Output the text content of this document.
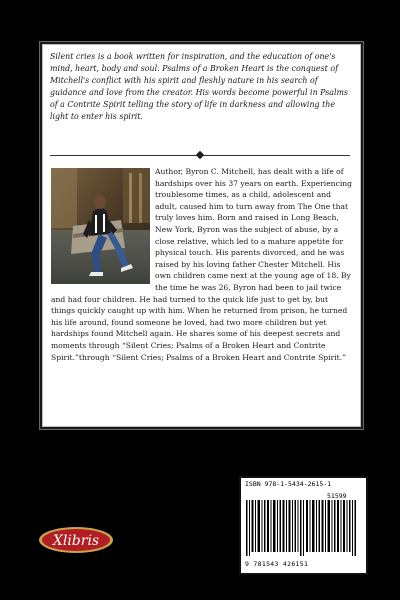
Silent cries is a book written for inspiration, and the education of one's mind, heart, body and soul. Psalms of a Broken Heart is the conquest of Mitchell's conflict with his spirit and fleshly nature in his search of guidance and love from the creator. His words become powerful in Psalms of a Contrite Spirit telling the story of life in darkness and allowing the light to enter his spirit.

Author, Byron C. Mitchell, has dealt with a life of hardships over his 37 years on earth. Experiencing troublesome times, as a child, adolescent and adult, caused him to turn away from The One that truly loves him. Born and raised in Long Beach, New York, Byron was the subject of abuse, by a close relative, which led to a mature appetite for physical touch. His parents divorced, and he was raised by his loving father Chester Mitchell. His own children came next at the young age of 18. By the time he was 26, Byron had been to jail twice and had four children. He had turned to the quick life just to get by, but things quickly caught up with him. When he returned from prison, he turned his life around, found someone he loved, had two more children but yet hardships found Mitchell again. He shares some of his deepest secrets and moments through “Silent Cries; Psalms of a Broken Heart and Contrite Spirit.”through “Silent Cries; Psalms of a Broken Heart and Contrite Spirit.”

ISBN 978-1-5434-2615-1
51599
9 781543 426151
Xlibris
